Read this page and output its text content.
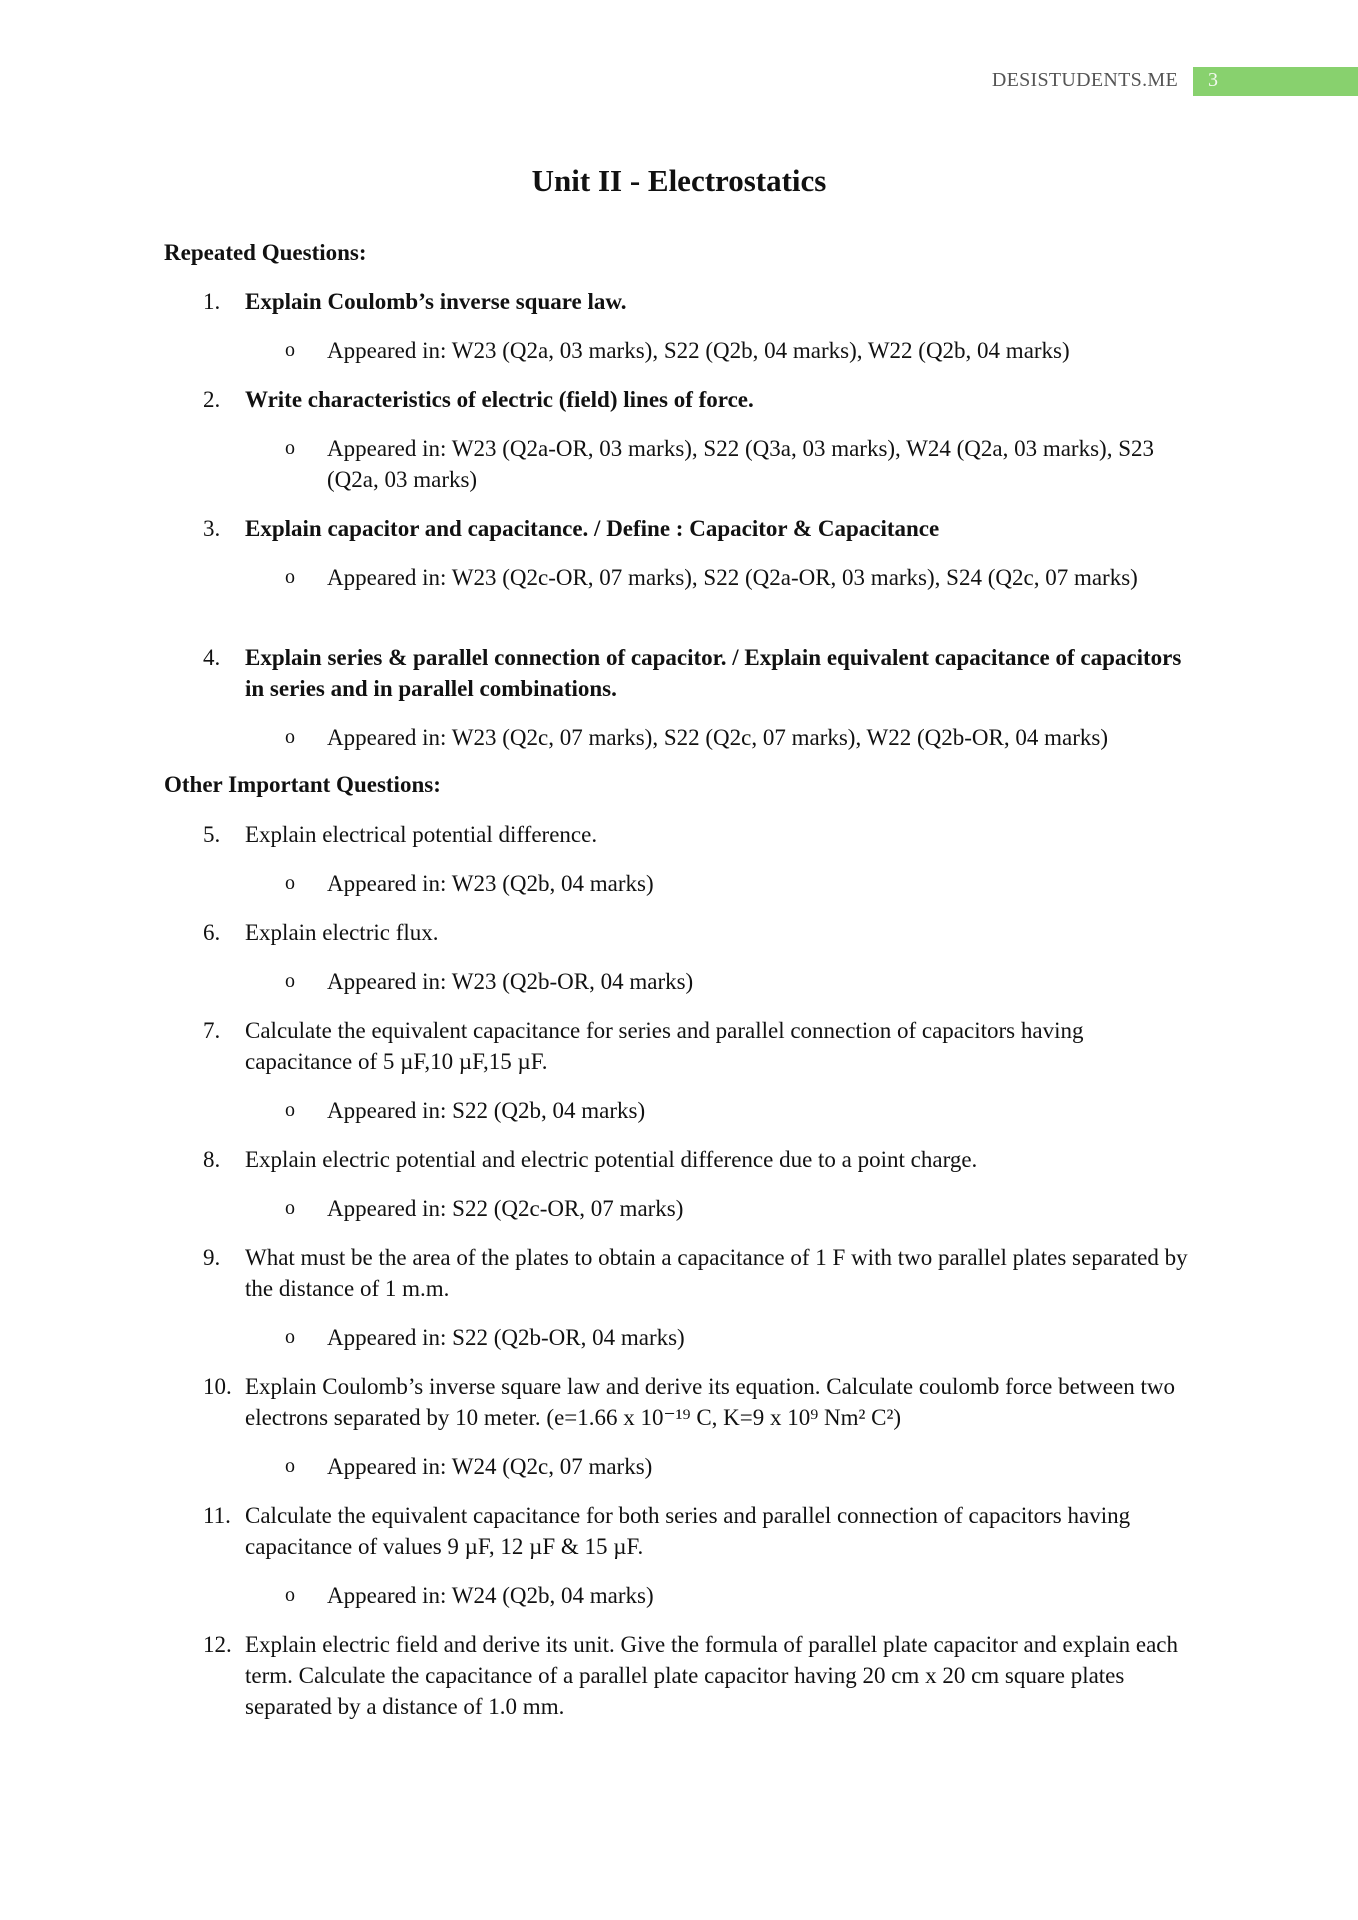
DESISTUDENTS.ME 3
Unit II - Electrostatics
Repeated Questions:
1. Explain Coulomb’s inverse square law.
o Appeared in: W23 (Q2a, 03 marks), S22 (Q2b, 04 marks), W22 (Q2b, 04 marks)
2. Write characteristics of electric (field) lines of force.
o Appeared in: W23 (Q2a-OR, 03 marks), S22 (Q3a, 03 marks), W24 (Q2a, 03 marks), S23 (Q2a, 03 marks)
3. Explain capacitor and capacitance. / Define : Capacitor & Capacitance
o Appeared in: W23 (Q2c-OR, 07 marks), S22 (Q2a-OR, 03 marks), S24 (Q2c, 07 marks)
4. Explain series & parallel connection of capacitor. / Explain equivalent capacitance of capacitors in series and in parallel combinations.
o Appeared in: W23 (Q2c, 07 marks), S22 (Q2c, 07 marks), W22 (Q2b-OR, 04 marks)
Other Important Questions:
5. Explain electrical potential difference.
o Appeared in: W23 (Q2b, 04 marks)
6. Explain electric flux.
o Appeared in: W23 (Q2b-OR, 04 marks)
7. Calculate the equivalent capacitance for series and parallel connection of capacitors having capacitance of 5 µF,10 µF,15 µF.
o Appeared in: S22 (Q2b, 04 marks)
8. Explain electric potential and electric potential difference due to a point charge.
o Appeared in: S22 (Q2c-OR, 07 marks)
9. What must be the area of the plates to obtain a capacitance of 1 F with two parallel plates separated by the distance of 1 m.m.
o Appeared in: S22 (Q2b-OR, 04 marks)
10. Explain Coulomb’s inverse square law and derive its equation. Calculate coulomb force between two electrons separated by 10 meter. (e=1.66 x 10⁻¹⁹ C, K=9 x 10⁹ Nm² C²)
o Appeared in: W24 (Q2c, 07 marks)
11. Calculate the equivalent capacitance for both series and parallel connection of capacitors having capacitance of values 9 µF, 12 µF & 15 µF.
o Appeared in: W24 (Q2b, 04 marks)
12. Explain electric field and derive its unit. Give the formula of parallel plate capacitor and explain each term. Calculate the capacitance of a parallel plate capacitor having 20 cm x 20 cm square plates separated by a distance of 1.0 mm.
